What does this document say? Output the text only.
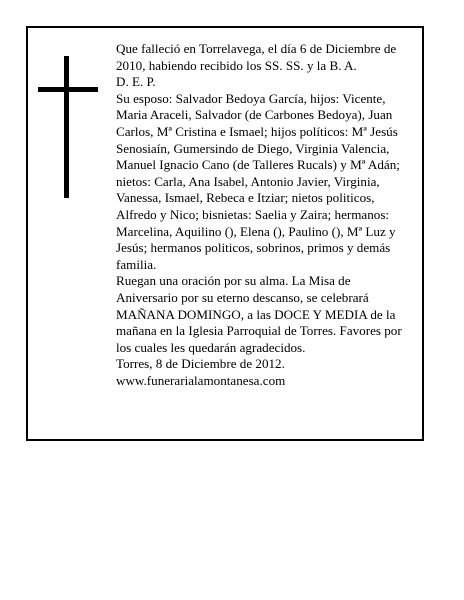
Que falleció en Torrelavega, el día 6 de Diciembre de 2010, habiendo recibido los SS. SS. y la B. A.

D. E. P.

Su esposo: Salvador Bedoya García, hijos: Vicente, Maria Araceli, Salvador (de Carbones Bedoya), Juan Carlos, Mª Cristina e Ismael; hijos políticos: Mª Jesús Senosiaín, Gumersindo de Diego, Virginia Valencia, Manuel Ignacio Cano (de Talleres Rucals) y Mª Adán; nietos: Carla, Ana Isabel, Antonio Javier, Virginia, Vanessa, Ismael, Rebeca e Itziar; nietos politicos, Alfredo y Nico; bisnietas: Saelia y Zaira; hermanos: Marcelina, Aquilino (), Elena (), Paulino (), Mª Luz y Jesús; hermanos politicos, sobrinos, primos y demás familia.

Ruegan una oración por su alma. La Misa de Aniversario por su eterno descanso, se celebrará MAÑANA DOMINGO, a las DOCE Y MEDIA de la mañana en la Iglesia Parroquial de Torres. Favores por los cuales les quedarán agradecidos.

Torres, 8 de Diciembre de 2012.

www.funerarialamontanesa.com
